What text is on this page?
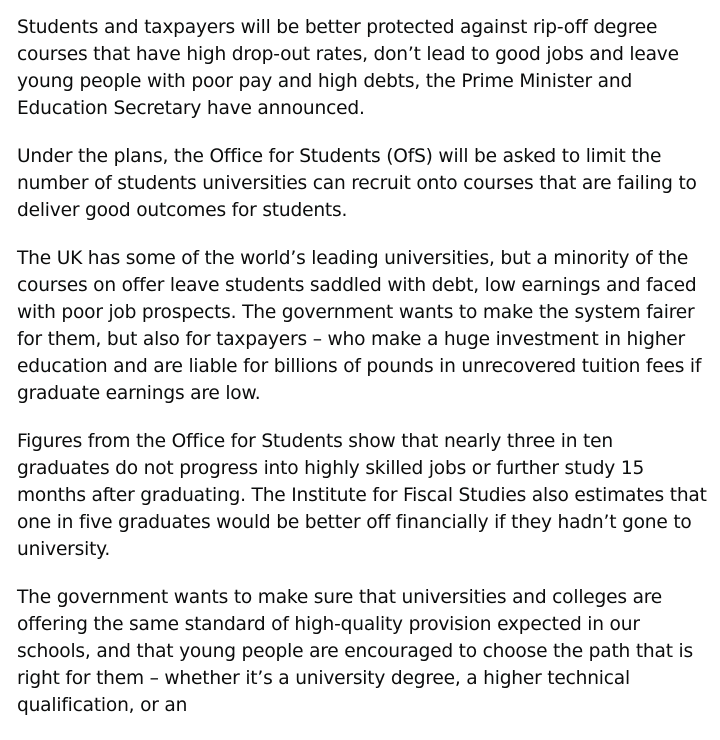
Students and taxpayers will be better protected against rip-off degree courses that have high drop-out rates, don’t lead to good jobs and leave young people with poor pay and high debts, the Prime Minister and Education Secretary have announced.

Under the plans, the Office for Students (OfS) will be asked to limit the number of students universities can recruit onto courses that are failing to deliver good outcomes for students.

The UK has some of the world’s leading universities, but a minority of the courses on offer leave students saddled with debt, low earnings and faced with poor job prospects. The government wants to make the system fairer for them, but also for taxpayers – who make a huge investment in higher education and are liable for billions of pounds in unrecovered tuition fees if graduate earnings are low.

Figures from the Office for Students show that nearly three in ten graduates do not progress into highly skilled jobs or further study 15 months after graduating. The Institute for Fiscal Studies also estimates that one in five graduates would be better off financially if they hadn’t gone to university.

The government wants to make sure that universities and colleges are offering the same standard of high-quality provision expected in our schools, and that young people are encouraged to choose the path that is right for them – whether it’s a university degree, a higher technical qualification, or an
